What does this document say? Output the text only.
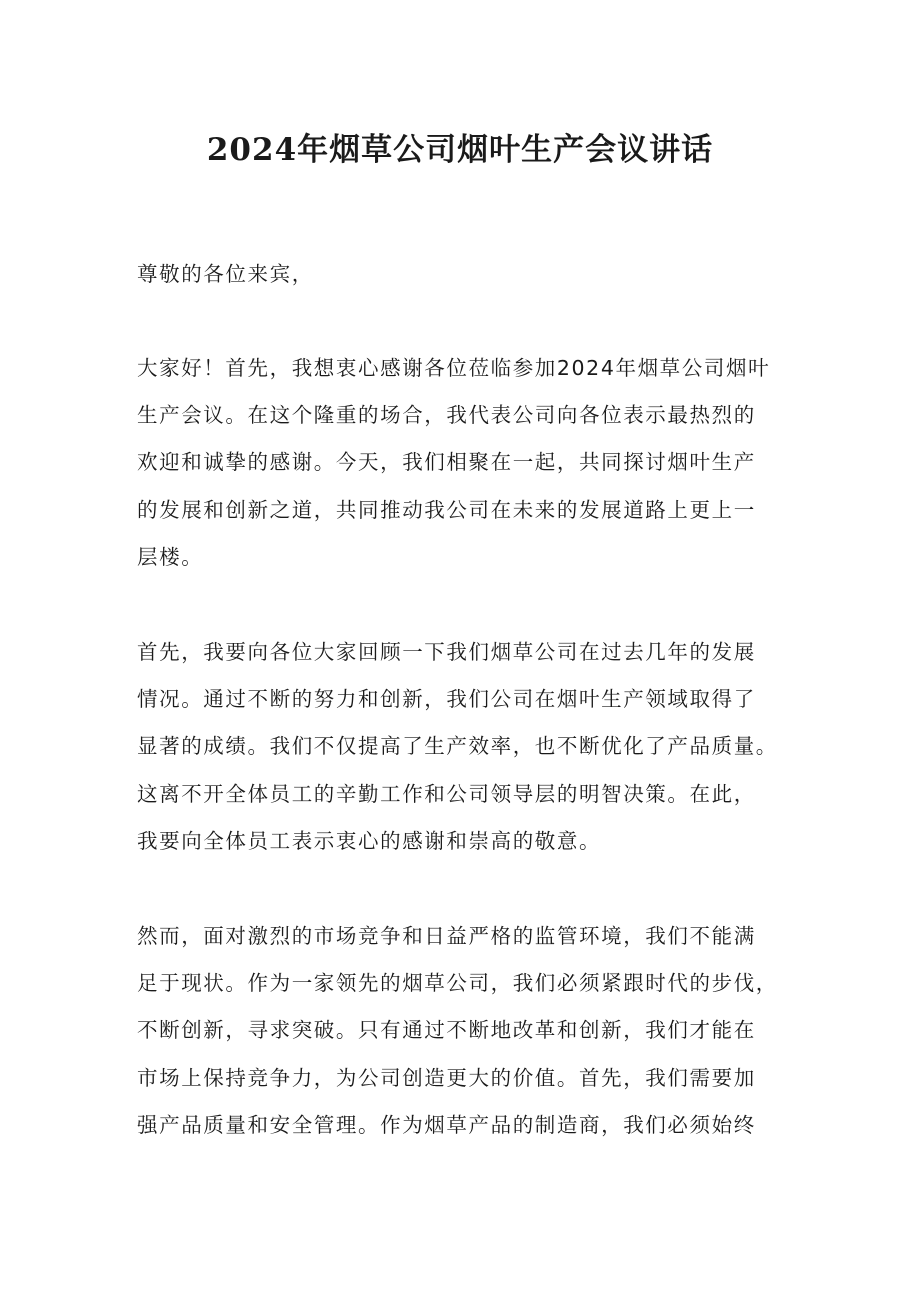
2024年烟草公司烟叶生产会议讲话

尊敬的各位来宾，

大家好！首先，我想衷心感谢各位莅临参加2024年烟草公司烟叶

生产会议。在这个隆重的场合，我代表公司向各位表示最热烈的

欢迎和诚挚的感谢。今天，我们相聚在一起，共同探讨烟叶生产

的发展和创新之道，共同推动我公司在未来的发展道路上更上一

层楼。

首先，我要向各位大家回顾一下我们烟草公司在过去几年的发展

情况。通过不断的努力和创新，我们公司在烟叶生产领域取得了

显著的成绩。我们不仅提高了生产效率，也不断优化了产品质量。

这离不开全体员工的辛勤工作和公司领导层的明智决策。在此，

我要向全体员工表示衷心的感谢和崇高的敬意。

然而，面对激烈的市场竞争和日益严格的监管环境，我们不能满

足于现状。作为一家领先的烟草公司，我们必须紧跟时代的步伐，

不断创新，寻求突破。只有通过不断地改革和创新，我们才能在

市场上保持竞争力，为公司创造更大的价值。首先，我们需要加

强产品质量和安全管理。作为烟草产品的制造商，我们必须始终
